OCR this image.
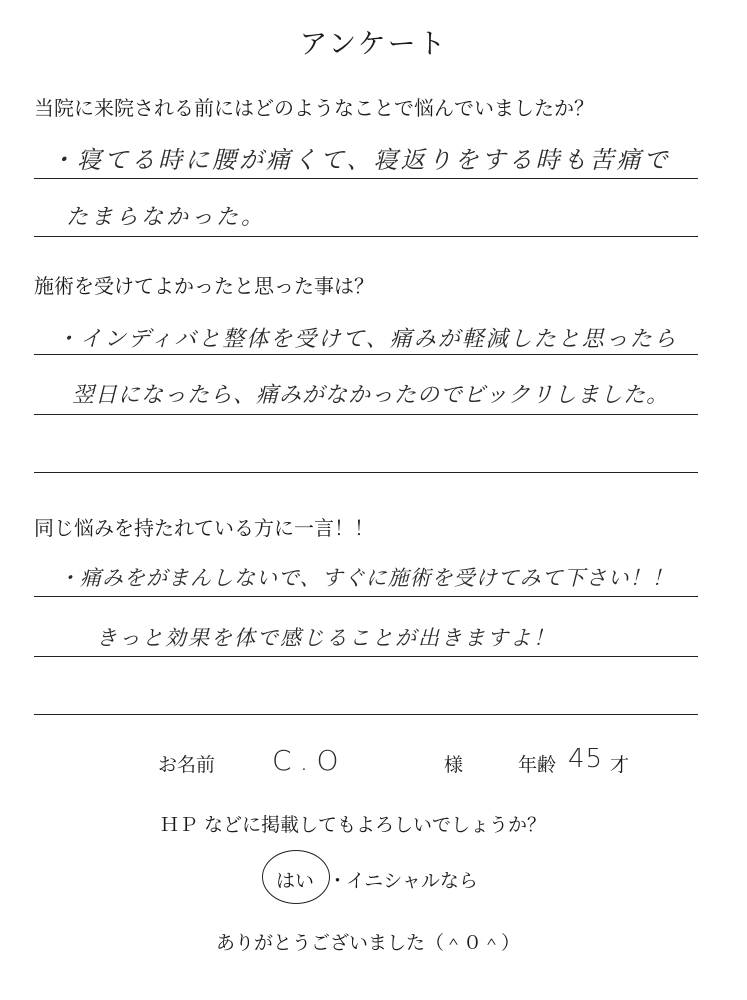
アンケート
当院に来院される前にはどのようなことで悩んでいましたか？
・寝てる時に腰が痛くて、寝返りをする時も苦痛で
たまらなかった。
施術を受けてよかったと思った事は？
・インディバと整体を受けて、痛みが軽減したと思ったら
翌日になったら、痛みがなかったのでビックリしました。
同じ悩みを持たれている方に一言！！
・痛みをがまんしないで、すぐに施術を受けてみて下さい！！
きっと効果を体で感じることが出きますよ！
お名前 C.O	様	年齢 45 才
ＨＰ などに掲載してもよろしいでしょうか？
はい ・
イニシャルなら
ありがとうございました（＾０＾）
